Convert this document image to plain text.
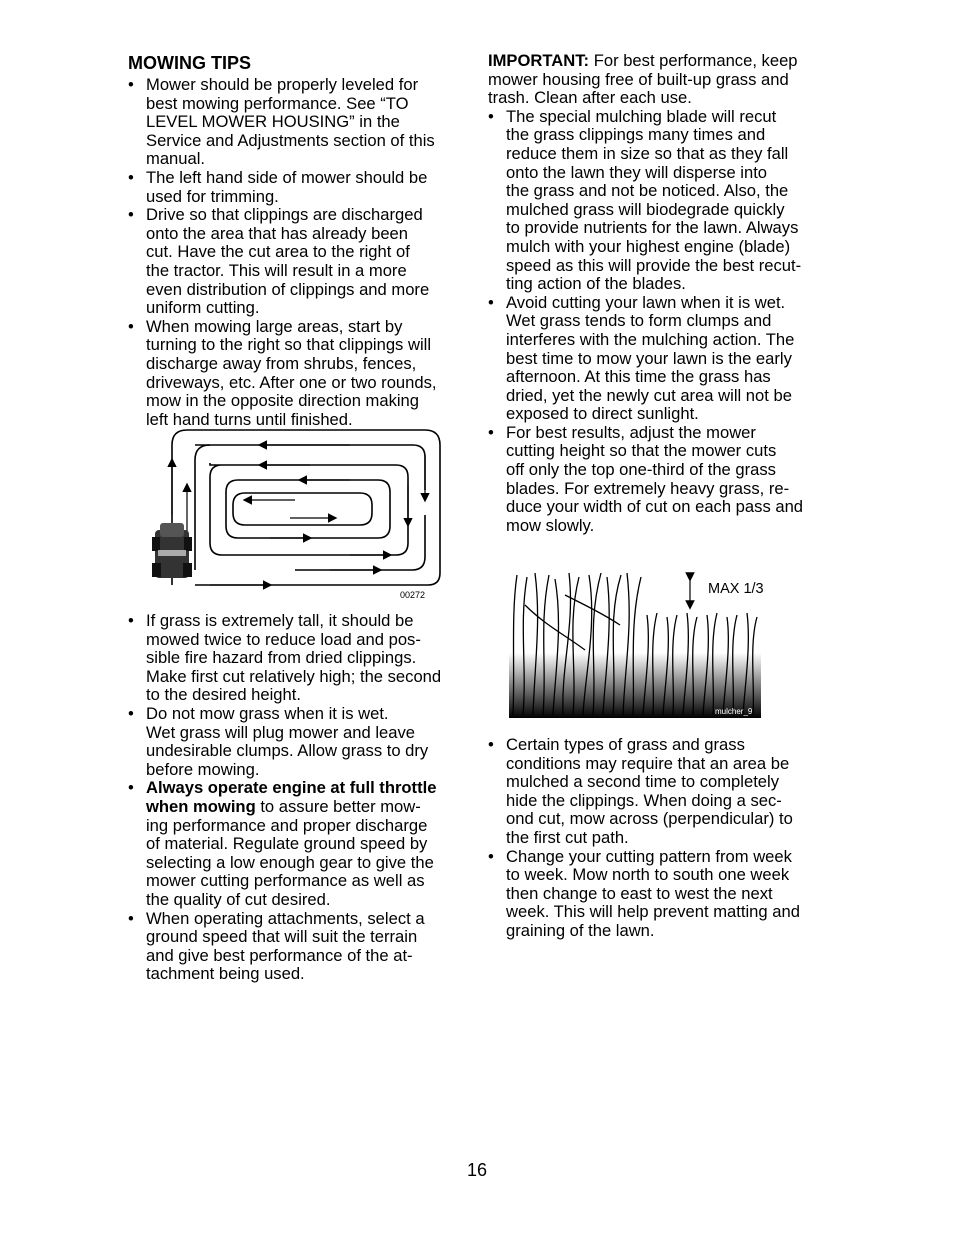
MOWING TIPS
• Mower should be properly leveled for
best mowing performance. See “TO
LEVEL MOWER HOUSING” in the
Service and Adjustments section of this
manual.
• The left hand side of mower should be
used for trimming.
• Drive so that clippings are discharged
onto the area that has already been
cut. Have the cut area to the right of
the tractor. This will result in a more
even distribution of clippings and more
uniform cutting.
• When mowing large areas, start by
turning to the right so that clippings will
discharge away from shrubs, fences,
driveways, etc. After one or two rounds,
mow in the opposite direction making
left hand turns until finished.
00272
• If grass is extremely tall, it should be
mowed twice to reduce load and pos-
sible fire hazard from dried clippings.
Make first cut relatively high; the second
to the desired height.
• Do not mow grass when it is wet.
Wet grass will plug mower and leave
undesirable clumps. Allow grass to dry
before mowing.
• Always operate engine at full throttle
when mowing to assure better mow-
ing performance and proper discharge
of material. Regulate ground speed by
selecting a low enough gear to give the
mower cutting performance as well as
the quality of cut desired.
• When operating attachments, select a
ground speed that will suit the terrain
and give best performance of the at-
tachment being used.
IMPORTANT: For best performance, keep
mower housing free of built-up grass and
trash. Clean after each use.
• The special mulching blade will recut
the grass clippings many times and
reduce them in size so that as they fall
onto the lawn they will disperse into
the grass and not be noticed. Also, the
mulched grass will biodegrade quickly
to provide nutrients for the lawn. Always
mulch with your highest engine (blade)
speed as this will provide the best recut-
ting action of the blades.
• Avoid cutting your lawn when it is wet.
Wet grass tends to form clumps and
interferes with the mulching action. The
best time to mow your lawn is the early
afternoon. At this time the grass has
dried, yet the newly cut area will not be
exposed to direct sunlight.
• For best results, adjust the mower
cutting height so that the mower cuts
off only the top one-third of the grass
blades. For extremely heavy grass, re-
duce your width of cut on each pass and
mow slowly.
MAX 1/3
mulcher_9
• Certain types of grass and grass
conditions may require that an area be
mulched a second time to completely
hide the clippings. When doing a sec-
ond cut, mow across (perpendicular) to
the first cut path.
• Change your cutting pattern from week
to week. Mow north to south one week
then change to east to west the next
week. This will help prevent matting and
graining of the lawn.
16
